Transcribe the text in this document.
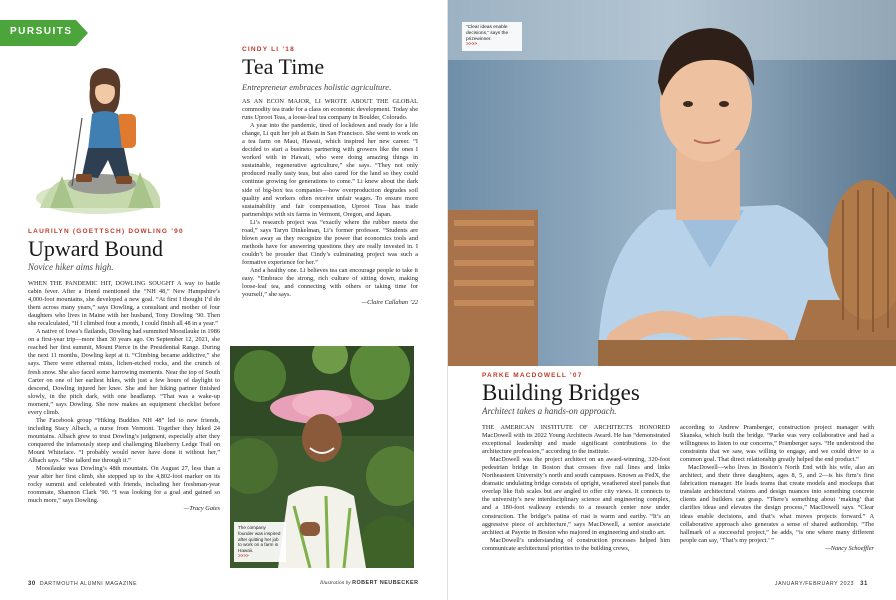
PURSUITS
LAURILYN (GOETTSCH) DOWLING ’90
Upward Bound
Novice hiker aims high.

WHEN THE PANDEMIC HIT, DOWLING SOUGHT A way to battle cabin fever. After a friend mentioned the “NH 48,” New Hampshire’s 4,000-foot mountains, she developed a new goal. “At first I thought I’d do them across many years,” says Dowling, a consultant and mother of four daughters who lives in Maine with her husband, Tony Dowling ’90. Then she recalculated, “If I climbed four a month, I could finish all 48 in a year.”

A native of Iowa’s flatlands, Dowling had summited Moosilauke in 1986 on a first-year trip—more than 30 years ago. On September 12, 2021, she reached her first summit, Mount Pierce in the Presidential Range. During the next 11 months, Dowling kept at it. “Climbing became addictive,” she says. There were ethereal mists, lichen-etched rocks, and the crunch of fresh snow. She also faced some harrowing moments. Near the top of South Carter on one of her earliest hikes, with just a few hours of daylight to descend, Dowling injured her knee. She and her hiking partner finished slowly, in the pitch dark, with one headlamp. “That was a wake-up moment,” says Dowling. She now makes an equipment checklist before every climb.

The Facebook group “Hiking Buddies NH 48” led to new friends, including Stacy Albach, a nurse from Vermont. Together they hiked 24 mountains. Albach grew to trust Dowling’s judgment, especially after they conquered the infamously steep and challenging Blueberry Ledge Trail on Mount Whiteface. “I probably would never have done it without her,” Albach says. “She talked me through it.”

Moosilauke was Dowling’s 48th mountain. On August 27, less than a year after her first climb, she stepped up to the 4,802-foot marker on its rocky summit and celebrated with friends, including her freshman-year roommate, Shannon Clark ’90. “I was looking for a goal and gained so much more,” says Dowling.

—Tracy Gates
CINDY LI ’18
Tea Time
Entrepreneur embraces holistic agriculture.

AS AN ECON MAJOR, LI WROTE ABOUT THE GLOBAL commodity tea trade for a class on economic development. Today she runs Uproot Teas, a loose-leaf tea company in Boulder, Colorado.

A year into the pandemic, tired of lockdown and ready for a life change, Li quit her job at Bain in San Francisco. She went to work on a tea farm on Maui, Hawaii, which inspired her new career. “I decided to start a business partnering with growers like the ones I worked with in Hawaii, who were doing amazing things in sustainable, regenerative agriculture,” she says. “They not only produced really tasty teas, but also cared for the land so they could continue growing for generations to come.” Li knew about the dark side of big-box tea companies—how overproduction degrades soil quality and workers often receive unfair wages. To ensure more sustainability and fair compensation, Uproot Teas has trade partnerships with six farms in Vermont, Oregon, and Japan.

Li’s research project was “exactly where the rubber meets the road,” says Taryn Dinkelman, Li’s former professor. “Students are blown away as they recognize the power that economics tools and methods have for answering questions they are really invested in. I couldn’t be prouder that Cindy’s culminating project was such a formative experience for her.”

And a healthy one. Li believes tea can encourage people to take it easy. “Embrace the strong, rich culture of sitting down, making loose-leaf tea, and connecting with others or taking time for yourself,” she says.

—Claire Callahan ’22
The company founder was inspired after quitting her job to work on a farm in Hawaii.
>>>>
30 DARTMOUTH ALUMNI MAGAZINE	Illustration by ROBERT NEUBECKER
“Clear ideas enable decisions,” says the prizewinner.
>>>>
PARKE MACDOWELL ’07
Building Bridges
Architect takes a hands-on approach.

THE AMERICAN INSTITUTE OF ARCHITECTS HONORED MacDowell with its 2022 Young Architects Award. He has “demonstrated exceptional leadership and made significant contributions to the architecture profession,” according to the institute.

MacDowell was the project architect on an award-winning, 320-foot pedestrian bridge in Boston that crosses five rail lines and links Northeastern University’s north and south campuses. Known as FedX, the dramatic undulating bridge consists of upright, weathered steel panels that overlap like fish scales but are angled to offer city views. It connects to the university’s new interdisciplinary science and engineering complex, and a 180-foot walkway extends to a research center now under construction. The bridge’s patina of rust is warm and earthy. “It’s an aggressive piece of architecture,” says MacDowell, a senior associate architect at Payette in Boston who majored in engineering and studio art.

MacDowell’s understanding of construction processes helped him communicate architectural priorities to the building crews,

according to Andrew Pramberger, construction project manager with Skanska, which built the bridge. “Parke was very collaborative and had a willingness to listen to our concerns,” Pramberger says. “He understood the constraints that we saw, was willing to engage, and we could drive to a common goal. That direct relationship greatly helped the end product.”

MacDowell—who lives in Boston’s North End with his wife, also an architect, and their three daughters, ages 8, 5, and 2—is his firm’s first fabrication manager. He leads teams that create models and mockups that translate architectural visions and design nuances into something concrete clients and builders can grasp. “There’s something about ‘making’ that clarifies ideas and elevates the design process,” MacDowell says. “Clear ideas enable decisions, and that’s what moves projects forward.” A collaborative approach also generates a sense of shared authorship. “The hallmark of a successful project,” he adds, “is one where many different people can say, ‘That’s my project.’ ”

—Nancy Schoeffler
JANUARY/FEBRUARY 2023 31
